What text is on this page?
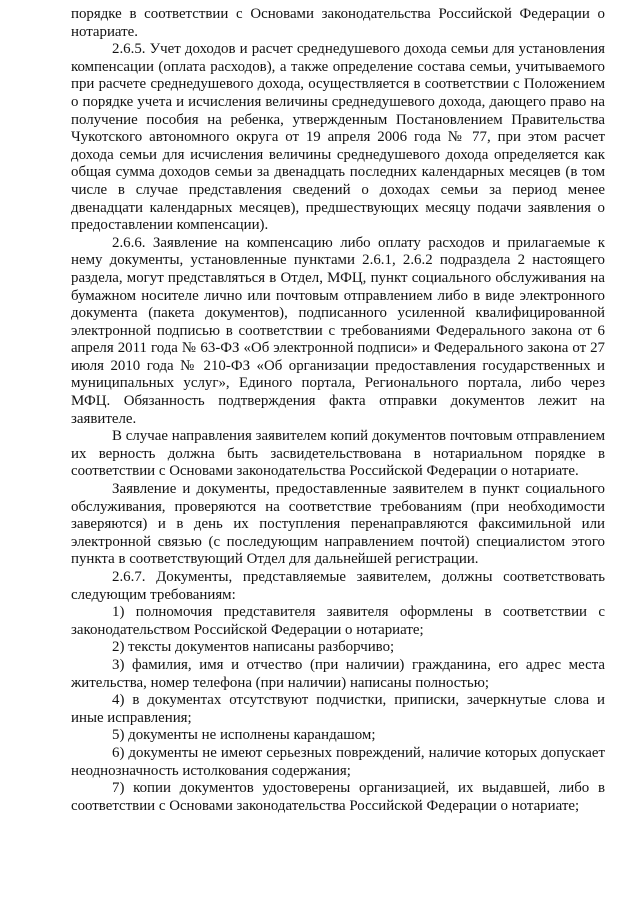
порядке в соответствии с Основами законодательства Российской Федерации о нотариате.

2.6.5. Учет доходов и расчет среднедушевого дохода семьи для установления компенсации (оплата расходов), а также определение состава семьи, учитываемого при расчете среднедушевого дохода, осуществляется в соответствии с Положением о порядке учета и исчисления величины среднедушевого дохода, дающего право на получение пособия на ребенка, утвержденным Постановлением Правительства Чукотского автономного округа от 19 апреля 2006 года № 77, при этом расчет дохода семьи для исчисления величины среднедушевого дохода определяется как общая сумма доходов семьи за двенадцать последних календарных месяцев (в том числе в случае представления сведений о доходах семьи за период менее двенадцати календарных месяцев), предшествующих месяцу подачи заявления о предоставлении компенсации).

2.6.6. Заявление на компенсацию либо оплату расходов и прилагаемые к нему документы, установленные пунктами 2.6.1, 2.6.2 подраздела 2 настоящего раздела, могут представляться в Отдел, МФЦ, пункт социального обслуживания на бумажном носителе лично или почтовым отправлением либо в виде электронного документа (пакета документов), подписанного усиленной квалифицированной электронной подписью в соответствии с требованиями Федерального закона от 6 апреля 2011 года № 63-ФЗ «Об электронной подписи» и Федерального закона от 27 июля 2010 года № 210-ФЗ «Об организации предоставления государственных и муниципальных услуг», Единого портала, Регионального портала, либо через МФЦ. Обязанность подтверждения факта отправки документов лежит на заявителе.

В случае направления заявителем копий документов почтовым отправлением их верность должна быть засвидетельствована в нотариальном порядке в соответствии с Основами законодательства Российской Федерации о нотариате.

Заявление и документы, предоставленные заявителем в пункт социального обслуживания, проверяются на соответствие требованиям (при необходимости заверяются) и в день их поступления перенаправляются факсимильной или электронной связью (с последующим направлением почтой) специалистом этого пункта в соответствующий Отдел для дальнейшей регистрации.

2.6.7. Документы, представляемые заявителем, должны соответствовать следующим требованиям:

1) полномочия представителя заявителя оформлены в соответствии с законодательством Российской Федерации о нотариате;

2) тексты документов написаны разборчиво;

3) фамилия, имя и отчество (при наличии) гражданина, его адрес места жительства, номер телефона (при наличии) написаны полностью;

4) в документах отсутствуют подчистки, приписки, зачеркнутые слова и иные исправления;

5) документы не исполнены карандашом;

6) документы не имеют серьезных повреждений, наличие которых допускает неоднозначность истолкования содержания;

7) копии документов удостоверены организацией, их выдавшей, либо в соответствии с Основами законодательства Российской Федерации о нотариате;
